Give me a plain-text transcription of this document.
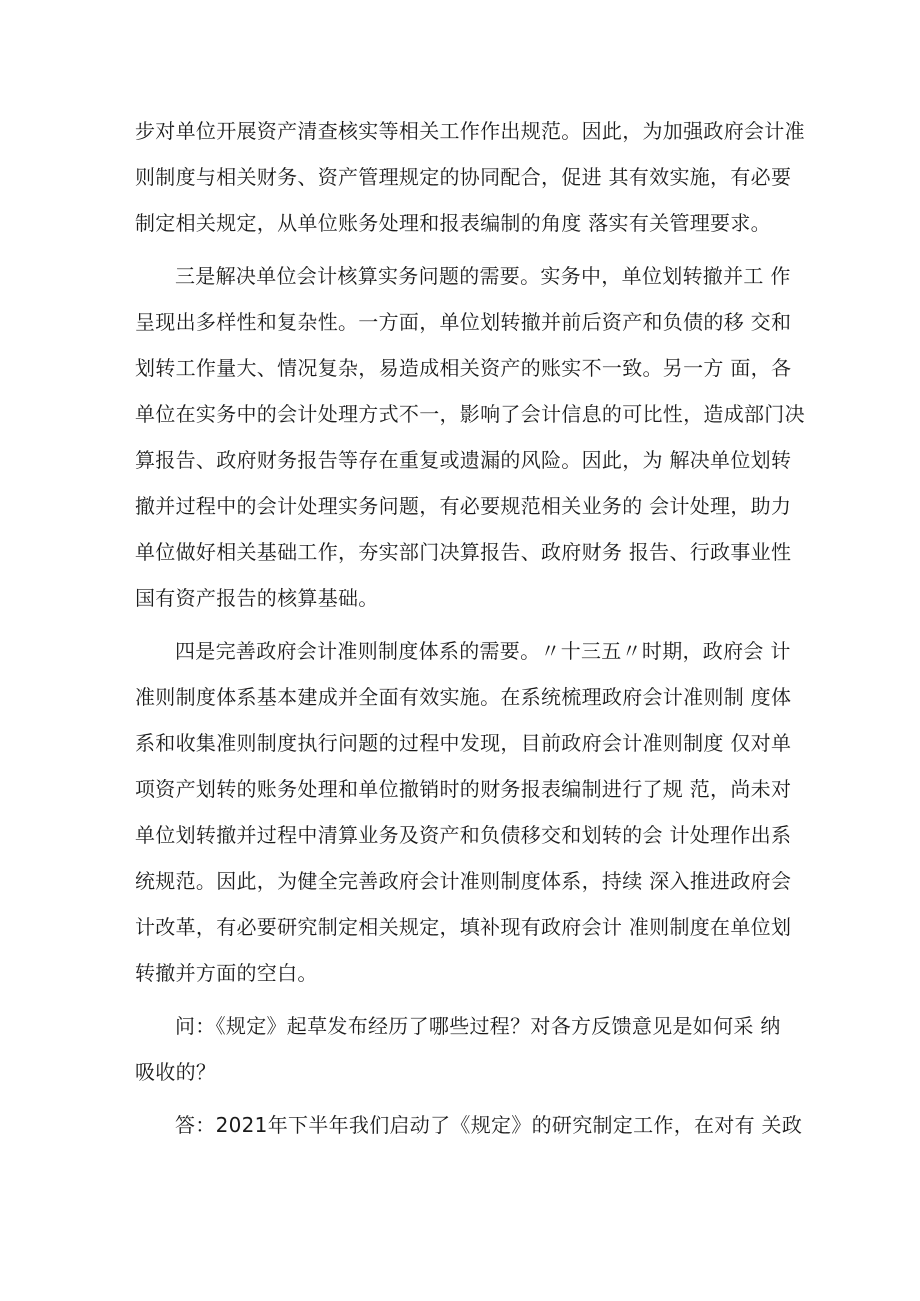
步对单位开展资产清查核实等相关工作作出规范。因此，为加强政府会计准
则制度与相关财务、资产管理规定的协同配合，促进 其有效实施，有必要
制定相关规定，从单位账务处理和报表编制的角度 落实有关管理要求。
三是解决单位会计核算实务问题的需要。实务中，单位划转撤并工 作
呈现出多样性和复杂性。一方面，单位划转撤并前后资产和负债的移 交和
划转工作量大、情况复杂，易造成相关资产的账实不一致。另一方 面，各
单位在实务中的会计处理方式不一，影响了会计信息的可比性，造成部门决
算报告、政府财务报告等存在重复或遗漏的风险。因此，为 解决单位划转
撤并过程中的会计处理实务问题，有必要规范相关业务的 会计处理，助力
单位做好相关基础工作，夯实部门决算报告、政府财务 报告、行政事业性
国有资产报告的核算基础。
四是完善政府会计准则制度体系的需要。〃十三五〃时期，政府会 计
准则制度体系基本建成并全面有效实施。在系统梳理政府会计准则制 度体
系和收集准则制度执行问题的过程中发现，目前政府会计准则制度 仅对单
项资产划转的账务处理和单位撤销时的财务报表编制进行了规 范，尚未对
单位划转撤并过程中清算业务及资产和负债移交和划转的会 计处理作出系
统规范。因此，为健全完善政府会计准则制度体系，持续 深入推进政府会
计改革，有必要研究制定相关规定，填补现有政府会计 准则制度在单位划
转撤并方面的空白。
问：《规定》起草发布经历了哪些过程？对各方反馈意见是如何采 纳
吸收的？
答：2021年下半年我们启动了《规定》的研究制定工作，在对有 关政
